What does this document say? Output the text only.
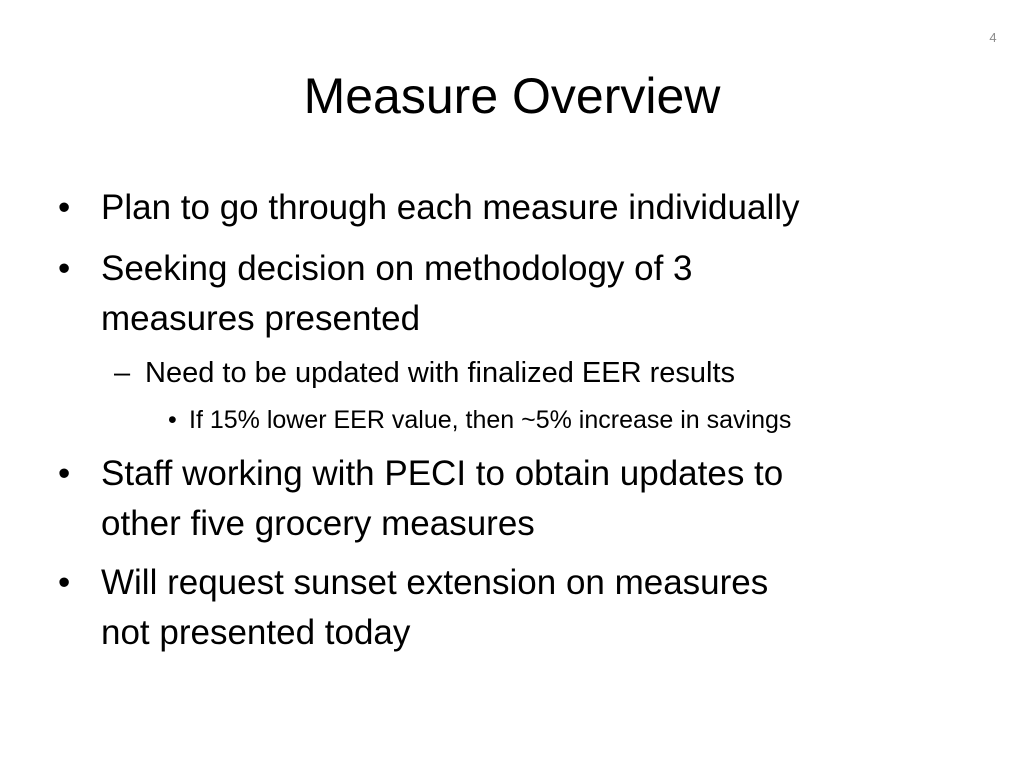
4
Measure Overview
• Plan to go through each measure individually
• Seeking decision on methodology of 3
measures presented
– Need to be updated with finalized EER results
• If 15% lower EER value, then ~5% increase in savings
• Staff working with PECI to obtain updates to
other five grocery measures
• Will request sunset extension on measures
not presented today
